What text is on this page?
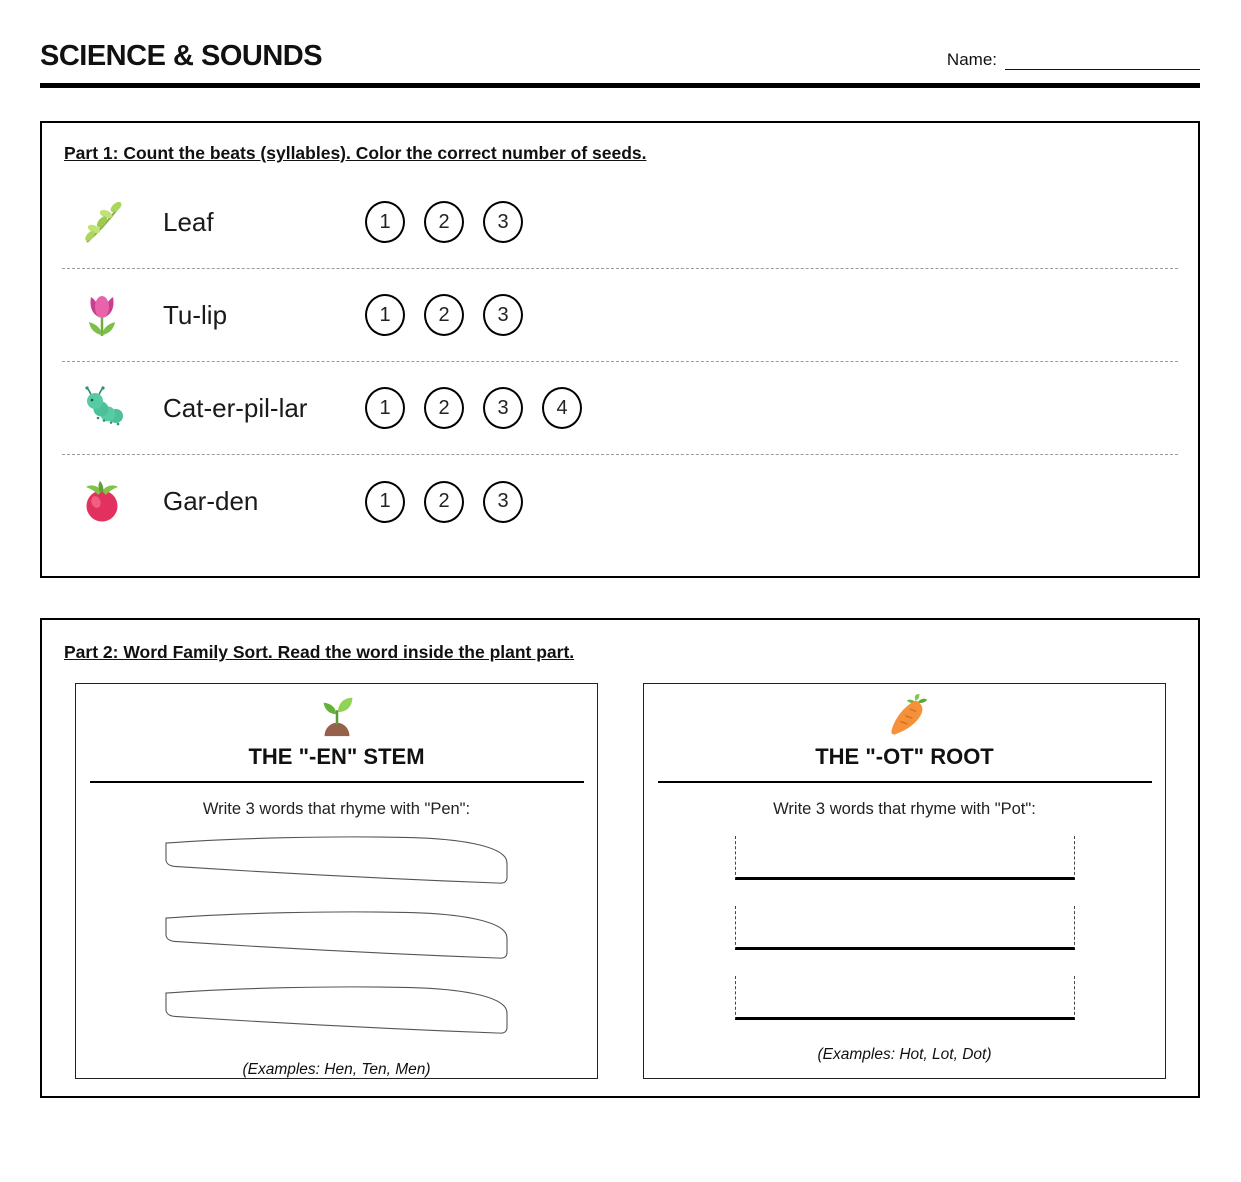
SCIENCE & SOUNDS	Name:
Part 1: Count the beats (syllables). Color the correct number of seeds.
Leaf	1	2	3
Tu-lip	1	2	3
Cat-er-pil-lar	1	2	3	4
Gar-den	1	2	3
Part 2: Word Family Sort. Read the word inside the plant part.
THE "-EN" STEM
Write 3 words that rhyme with "Pen":
(Examples: Hen, Ten, Men)
THE "-OT" ROOT
Write 3 words that rhyme with "Pot":
(Examples: Hot, Lot, Dot)
